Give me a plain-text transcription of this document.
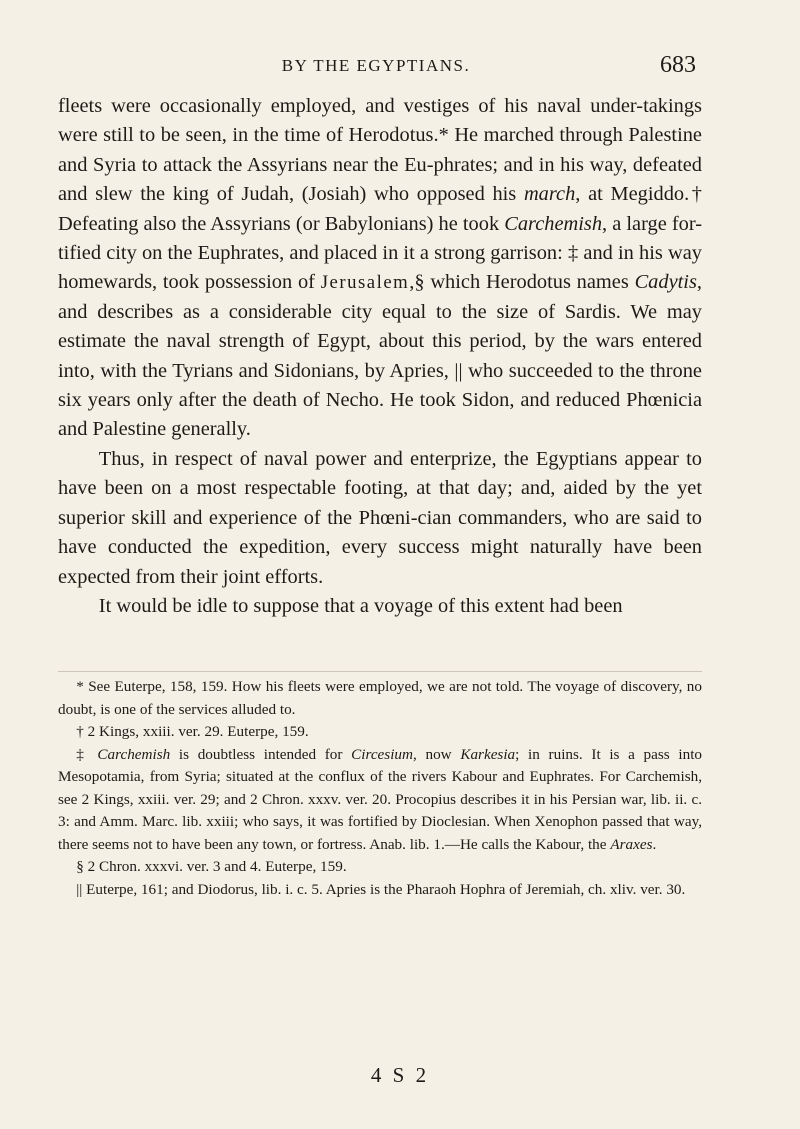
BY THE EGYPTIANS.	683

fleets were occasionally employed, and vestiges of his naval under-takings were still to be seen, in the time of Herodotus.* He marched through Palestine and Syria to attack the Assyrians near the Eu-phrates; and in his way, defeated and slew the king of Judah, (Josiah) who opposed his march, at Megiddo.† Defeating also the Assyrians (or Babylonians) he took Carchemish, a large for-tified city on the Euphrates, and placed in it a strong garrison: ‡ and in his way homewards, took possession of Jerusalem,§ which Herodotus names Cadytis, and describes as a considerable city equal to the size of Sardis. We may estimate the naval strength of Egypt, about this period, by the wars entered into, with the Tyrians and Sidonians, by Apries, || who succeeded to the throne six years only after the death of Necho. He took Sidon, and reduced Phœnicia and Palestine generally.

Thus, in respect of naval power and enterprize, the Egyptians appear to have been on a most respectable footing, at that day; and, aided by the yet superior skill and experience of the Phœni-cian commanders, who are said to have conducted the expedition, every success might naturally have been expected from their joint efforts.

It would be idle to suppose that a voyage of this extent had been

* See Euterpe, 158, 159. How his fleets were employed, we are not told. The voyage of discovery, no doubt, is one of the services alluded to.

† 2 Kings, xxiii. ver. 29. Euterpe, 159.

‡ Carchemish is doubtless intended for Circesium, now Karkesia; in ruins. It is a pass into Mesopotamia, from Syria; situated at the conflux of the rivers Kabour and Euphrates. For Carchemish, see 2 Kings, xxiii. ver. 29; and 2 Chron. xxxv. ver. 20. Procopius describes it in his Persian war, lib. ii. c. 3: and Amm. Marc. lib. xxiii; who says, it was fortified by Dioclesian. When Xenophon passed that way, there seems not to have been any town, or fortress. Anab. lib. 1.—He calls the Kabour, the Araxes.

§ 2 Chron. xxxvi. ver. 3 and 4. Euterpe, 159.

|| Euterpe, 161; and Diodorus, lib. i. c. 5. Apries is the Pharaoh Hophra of Jeremiah, ch. xliv. ver. 30.

4 S 2
